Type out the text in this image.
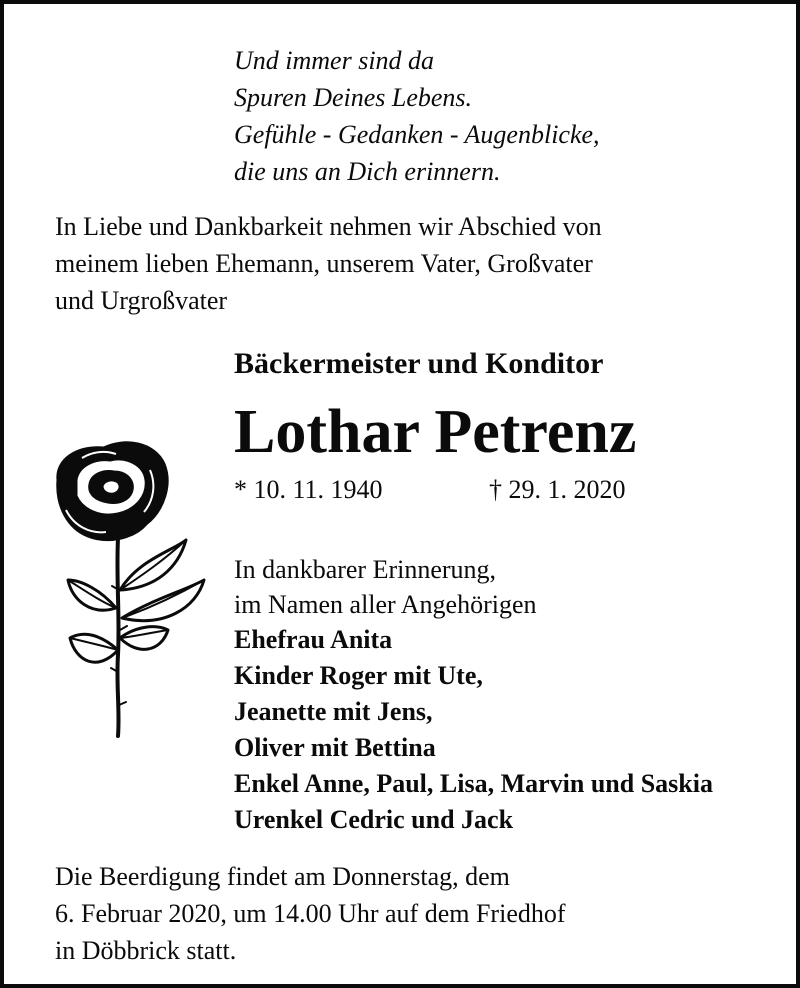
Und immer sind da
Spuren Deines Lebens.
Gefühle - Gedanken - Augenblicke,
die uns an Dich erinnern.
In Liebe und Dankbarkeit nehmen wir Abschied von
meinem lieben Ehemann, unserem Vater, Großvater
und Urgroßvater
Bäckermeister und Konditor
Lothar Petrenz
* 10. 11. 1940	† 29. 1. 2020
In dankbarer Erinnerung,
im Namen aller Angehörigen
Ehefrau Anita
Kinder Roger mit Ute,
Jeanette mit Jens,
Oliver mit Bettina
Enkel Anne, Paul, Lisa, Marvin und Saskia
Urenkel Cedric und Jack
Die Beerdigung findet am Donnerstag, dem
6. Februar 2020, um 14.00 Uhr auf dem Friedhof
in Döbbrick statt.
